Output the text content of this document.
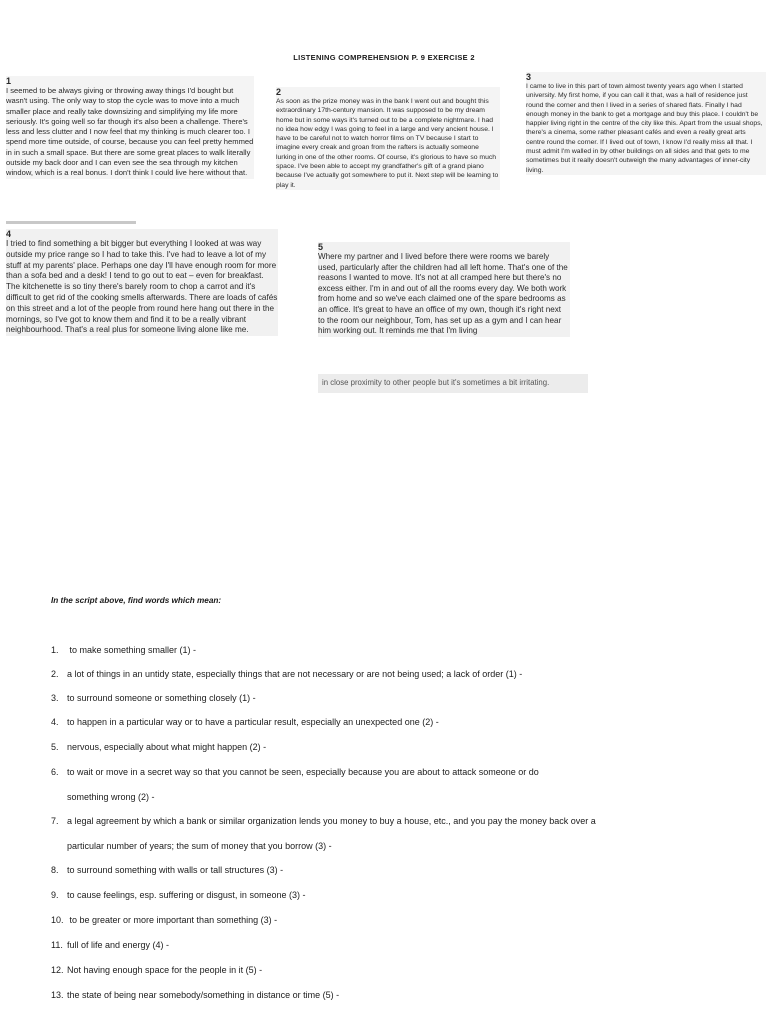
LISTENING COMPREHENSION P. 9 EXERCISE 2
1
I seemed to be always giving or throwing away things I'd bought but wasn't using. The only way to stop the cycle was to move into a much smaller place and really take downsizing and simplifying my life more seriously. It's going well so far though it's also been a challenge. There's less and less clutter and I now feel that my thinking is much clearer too. I spend more time outside, of course, because you can feel pretty hemmed in in such a small space. But there are some great places to walk literally outside my back door and I can even see the sea through my kitchen window, which is a real bonus. I don't think I could live here without that.
2
As soon as the prize money was in the bank I went out and bought this extraordinary 17th-century mansion. It was supposed to be my dream home but in some ways it's turned out to be a complete nightmare. I had no idea how edgy I was going to feel in a large and very ancient house. I have to be careful not to watch horror films on TV because I start to imagine every creak and groan from the rafters is actually someone lurking in one of the other rooms. Of course, it's glorious to have so much space. I've been able to accept my grandfather's gift of a grand piano because I've actually got somewhere to put it. Next step will be learning to play it.
3
I came to live in this part of town almost twenty years ago when I started university. My first home, if you can call it that, was a hall of residence just round the corner and then I lived in a series of shared flats. Finally I had enough money in the bank to get a mortgage and buy this place. I couldn't be happier living right in the centre of the city like this. Apart from the usual shops, there's a cinema, some rather pleasant cafés and even a really great arts centre round the corner. If I lived out of town, I know I'd really miss all that. I must admit I'm walled in by other buildings on all sides and that gets to me sometimes but it really doesn't outweigh the many advantages of inner-city living.
4
I tried to find something a bit bigger but everything I looked at was way outside my price range so I had to take this. I've had to leave a lot of my stuff at my parents' place. Perhaps one day I'll have enough room for more than a sofa bed and a desk! I tend to go out to eat – even for breakfast. The kitchenette is so tiny there's barely room to chop a carrot and it's difficult to get rid of the cooking smells afterwards. There are loads of cafés on this street and a lot of the people from round here hang out there in the mornings, so I've got to know them and find it to be a really vibrant neighbourhood. That's a real plus for someone living alone like me.
5
Where my partner and I lived before there were rooms we barely used, particularly after the children had all left home. That's one of the reasons I wanted to move. It's not at all cramped here but there's no excess either. I'm in and out of all the rooms every day. We both work from home and so we've each claimed one of the spare bedrooms as an office. It's great to have an office of my own, though it's right next to the room our neighbour, Tom, has set up as a gym and I can hear him working out. It reminds me that I'm living
in close proximity to other people but it's sometimes a bit irritating.
In the script above, find words which mean:
1. to make something smaller (1) -
2. a lot of things in an untidy state, especially things that are not necessary or are not being used; a lack of order (1) -
3. to surround someone or something closely (1) -
4. to happen in a particular way or to have a particular result, especially an unexpected one (2) -
5. nervous, especially about what might happen (2) -
6. to wait or move in a secret way so that you cannot be seen, especially because you are about to attack someone or do
something wrong (2) -
7. a legal agreement by which a bank or similar organization lends you money to buy a house, etc., and you pay the money back over a
particular number of years; the sum of money that you borrow (3) -
8. to surround something with walls or tall structures (3) -
9. to cause feelings, esp. suffering or disgust, in someone (3) -
10. to be greater or more important than something (3) -
11. full of life and energy (4) -
12. Not having enough space for the people in it (5) -
13. the state of being near somebody/something in distance or time (5) -
